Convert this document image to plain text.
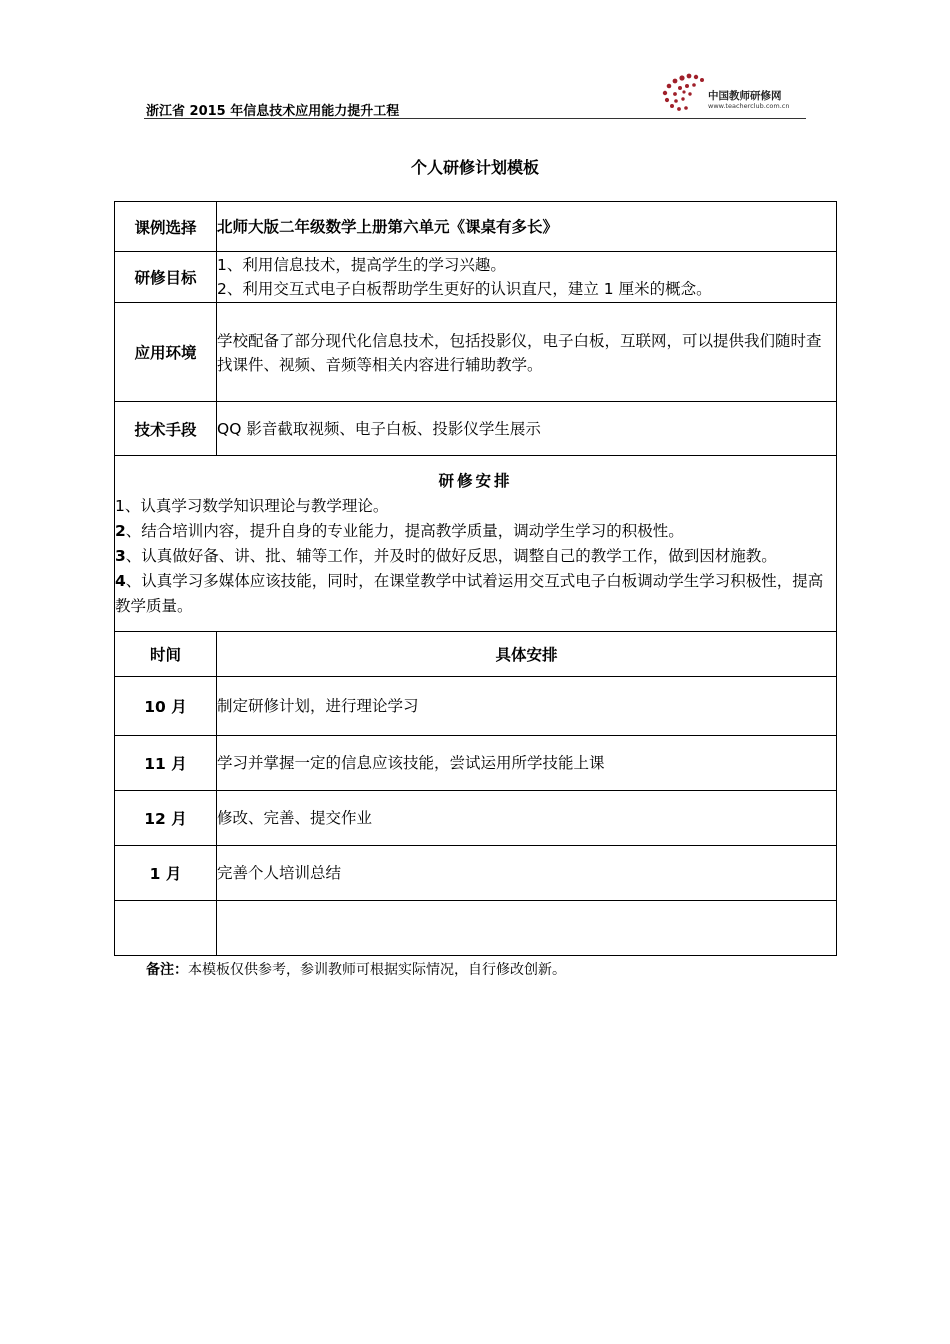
浙江省 2015 年信息技术应用能力提升工程
中国教师研修网
www.teacherclub.com.cn
个人研修计划模板
课例选择	北师大版二年级数学上册第六单元《课桌有多长》
研修目标	1、利用信息技术，提高学生的学习兴趣。
2、利用交互式电子白板帮助学生更好的认识直尺，建立 1 厘米的概念。

应用环境	学校配备了部分现代化信息技术，包括投影仪，电子白板，互联网，可以提供我们随时查找课件、视频、音频等相关内容进行辅助教学。
技术手段	QQ 影音截取视频、电子白板、投影仪学生展示

研修安排
1、认真学习数学知识理论与教学理论。
2、结合培训内容，提升自身的专业能力，提高教学质量，调动学生学习的积极性。
3、认真做好备、讲、批、辅等工作，并及时的做好反思，调整自己的教学工作，做到因材施教。
4、认真学习多媒体应该技能，同时，在课堂教学中试着运用交互式电子白板调动学生学习积极性，提高教学质量。	

时间	具体安排
10 月	制定研修计划，进行理论学习
11 月	学习并掌握一定的信息应该技能，尝试运用所学技能上课
12 月	修改、完善、提交作业
1 月	完善个人培训总结

备注：本模板仅供参考，参训教师可根据实际情况，自行修改创新。
